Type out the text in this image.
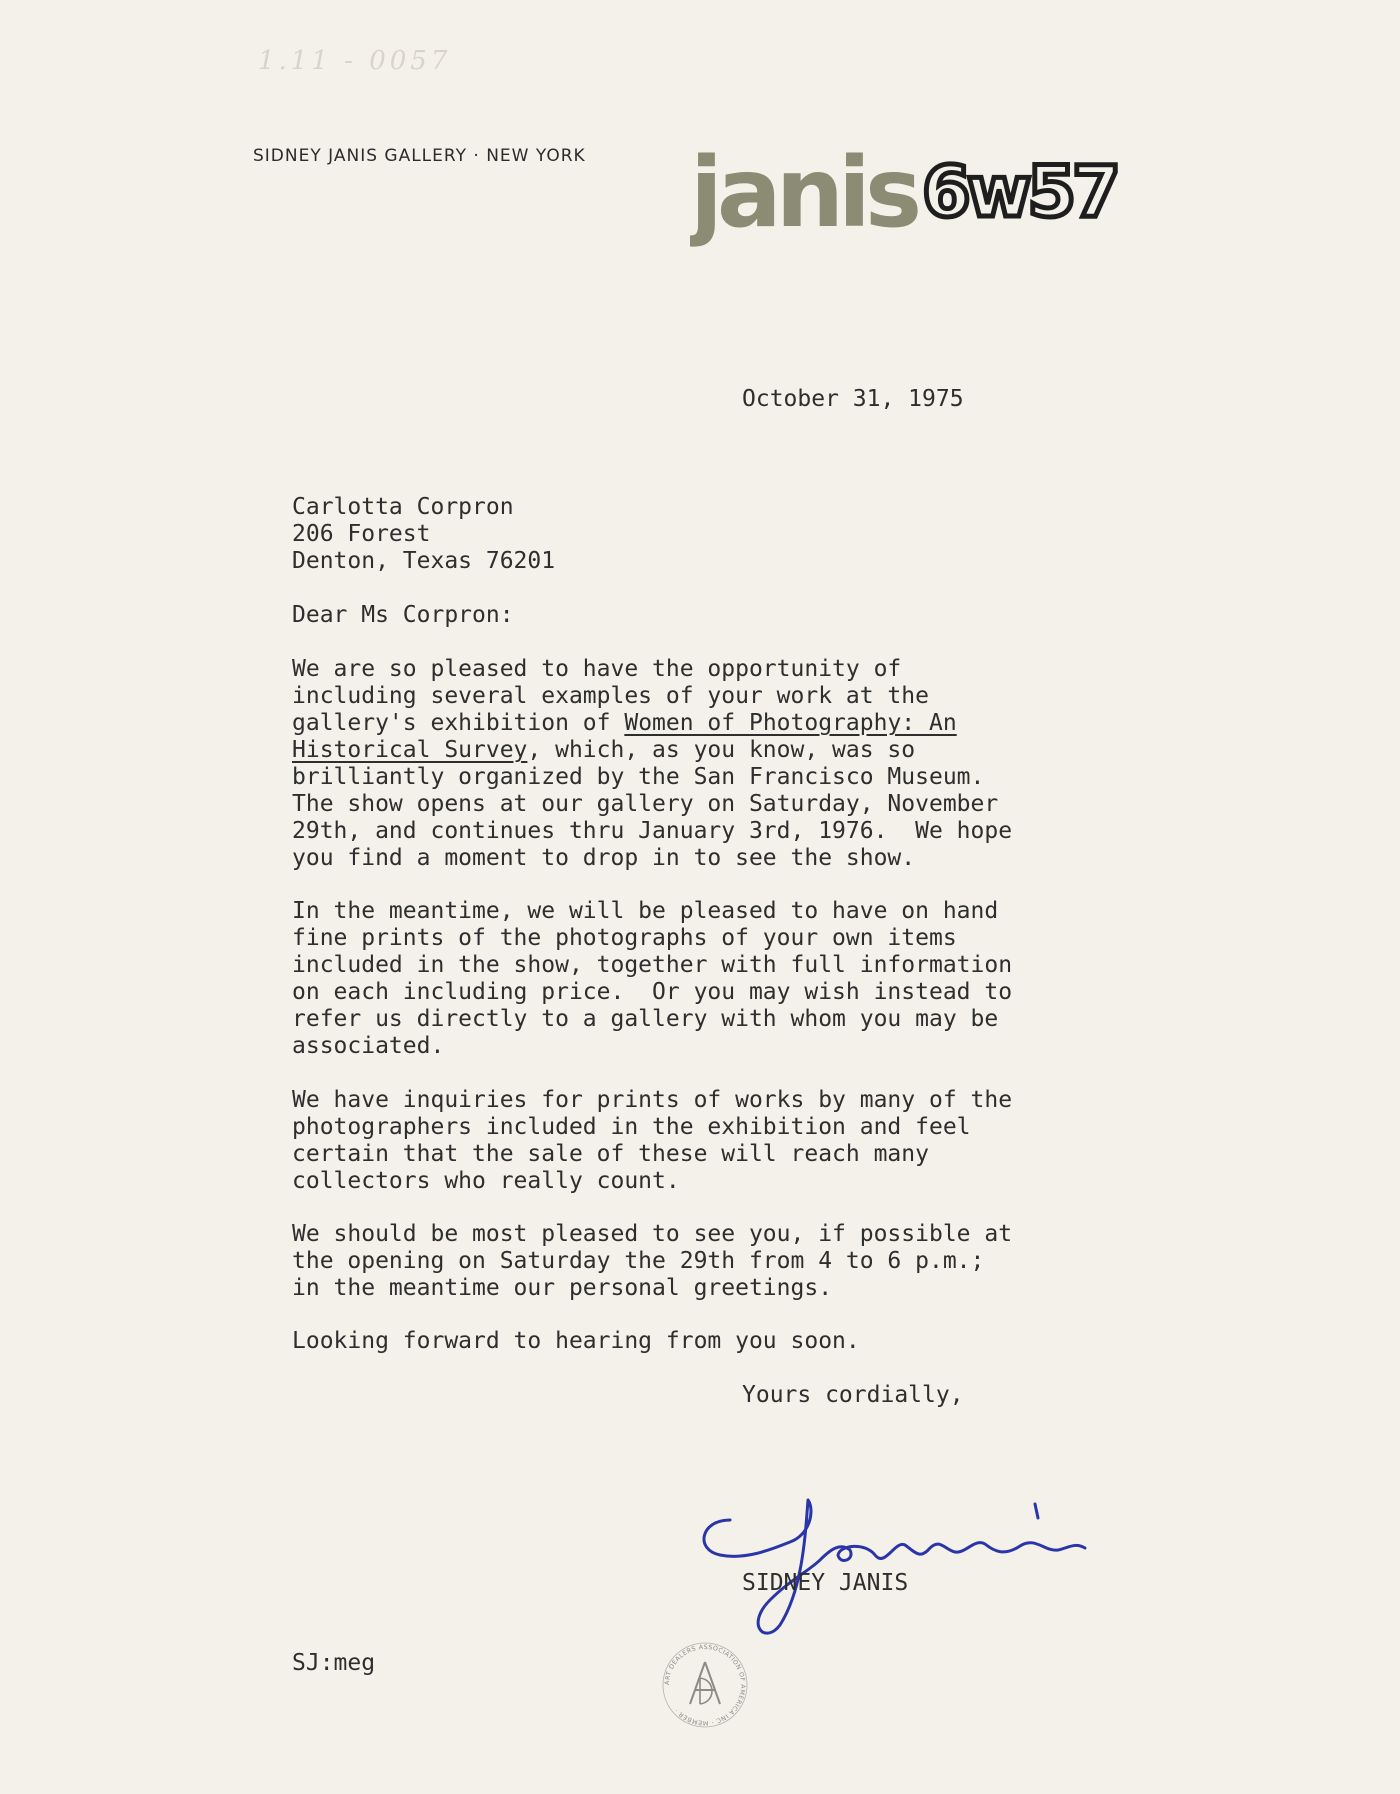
1.11 - 0057
SIDNEY JANIS GALLERY · NEW YORK janis 6w57
October 31, 1975
Carlotta Corpron
206 Forest
Denton, Texas 76201
Dear Ms Corpron:
We are so pleased to have the opportunity of
including several examples of your work at the
gallery's exhibition of Women of Photography: An
Historical Survey, which, as you know, was so
brilliantly organized by the San Francisco Museum.
The show opens at our gallery on Saturday, November
29th, and continues thru January 3rd, 1976.  We hope
you find a moment to drop in to see the show.
In the meantime, we will be pleased to have on hand
fine prints of the photographs of your own items
included in the show, together with full information
on each including price.  Or you may wish instead to
refer us directly to a gallery with whom you may be
associated.
We have inquiries for prints of works by many of the
photographers included in the exhibition and feel
certain that the sale of these will reach many
collectors who really count.
We should be most pleased to see you, if possible at
the opening on Saturday the 29th from 4 to 6 p.m.;
in the meantime our personal greetings.
Looking forward to hearing from you soon.
Yours cordially,
SIDNEY JANIS
SJ:meg
ART DEALERS ASSOCIATION OF AMERICA INC · MEMBER ·
